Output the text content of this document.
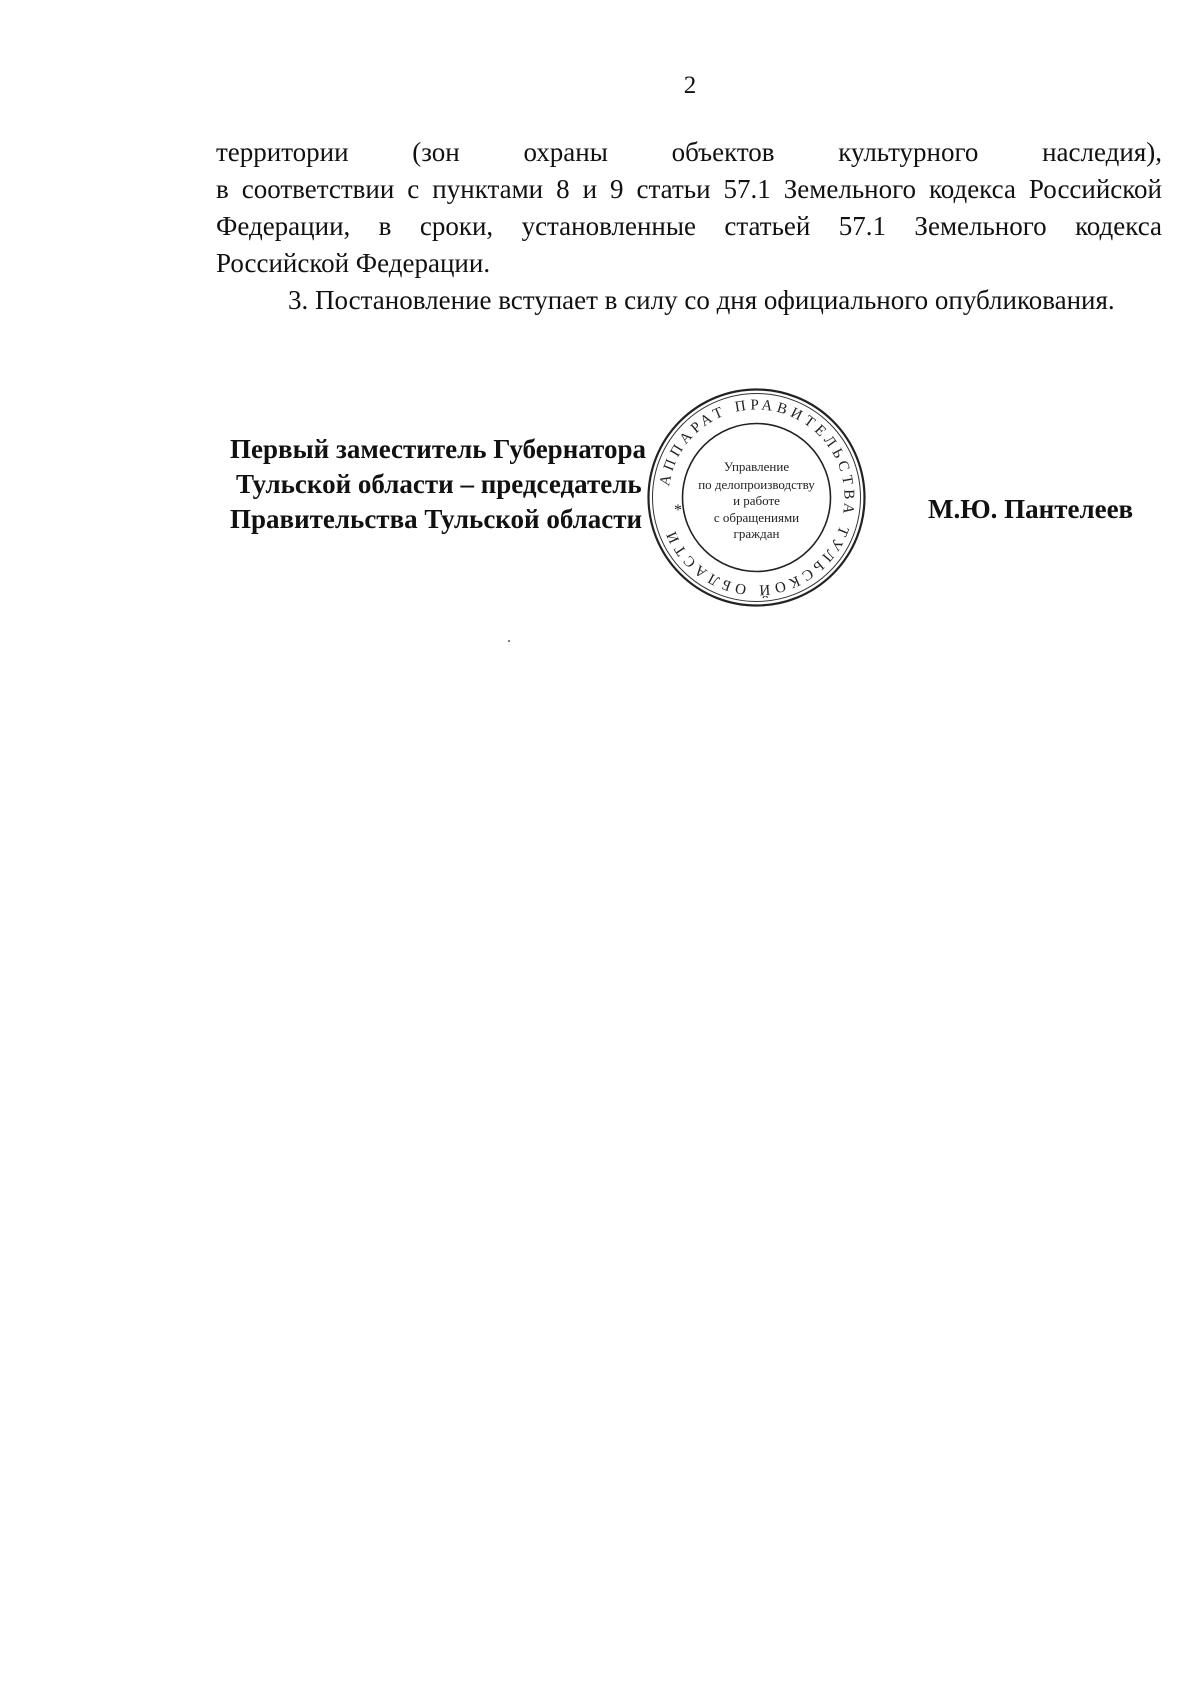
2

территории (зон охраны объектов культурного наследия),
в соответствии с пунктами 8 и 9 статьи 57.1 Земельного кодекса Российской
Федерации, в сроки, установленные статьей 57.1 Земельного кодекса
Российской Федерации.

3. Постановление вступает в силу со дня официального опубликования.

Первый заместитель Губернатора
Тульской области – председатель
Правительства Тульской области
АППАРАТ ПРАВИТЕЛЬСТВА ТУЛЬСКОЙ ОБЛАСТИ
*
Управление
по делопроизводству
и работе
с обращениями
граждан
М.Ю. Пантелеев
